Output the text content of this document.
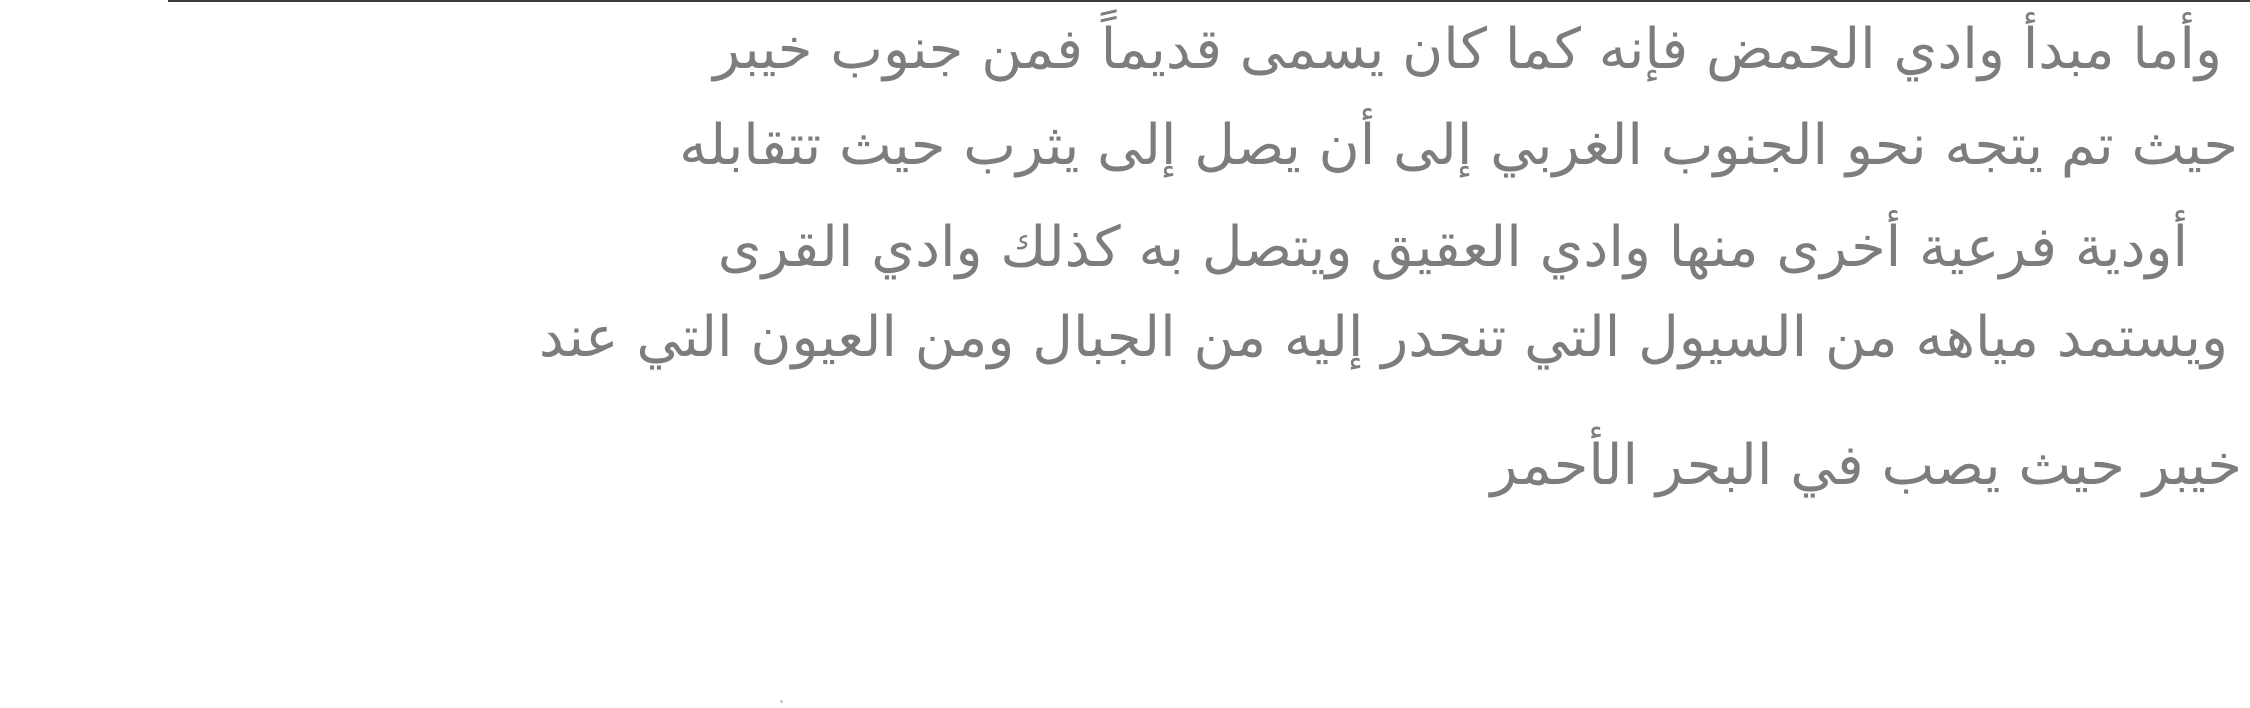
وأما مبدأ وادي الحمض فإنه كما كان يسمى قديماً فمن جنوب خيبر
حيث تم يتجه نحو الجنوب الغربي إلى أن يصل إلى يثرب حيث تتقابله
أودية فرعية أخرى منها وادي العقيق ويتصل به كذلك وادي القرى
ويستمد مياهه من السيول التي تنحدر إليه من الجبال ومن العيون التي عند
خيبر حيث يصب في البحر الأحمر
